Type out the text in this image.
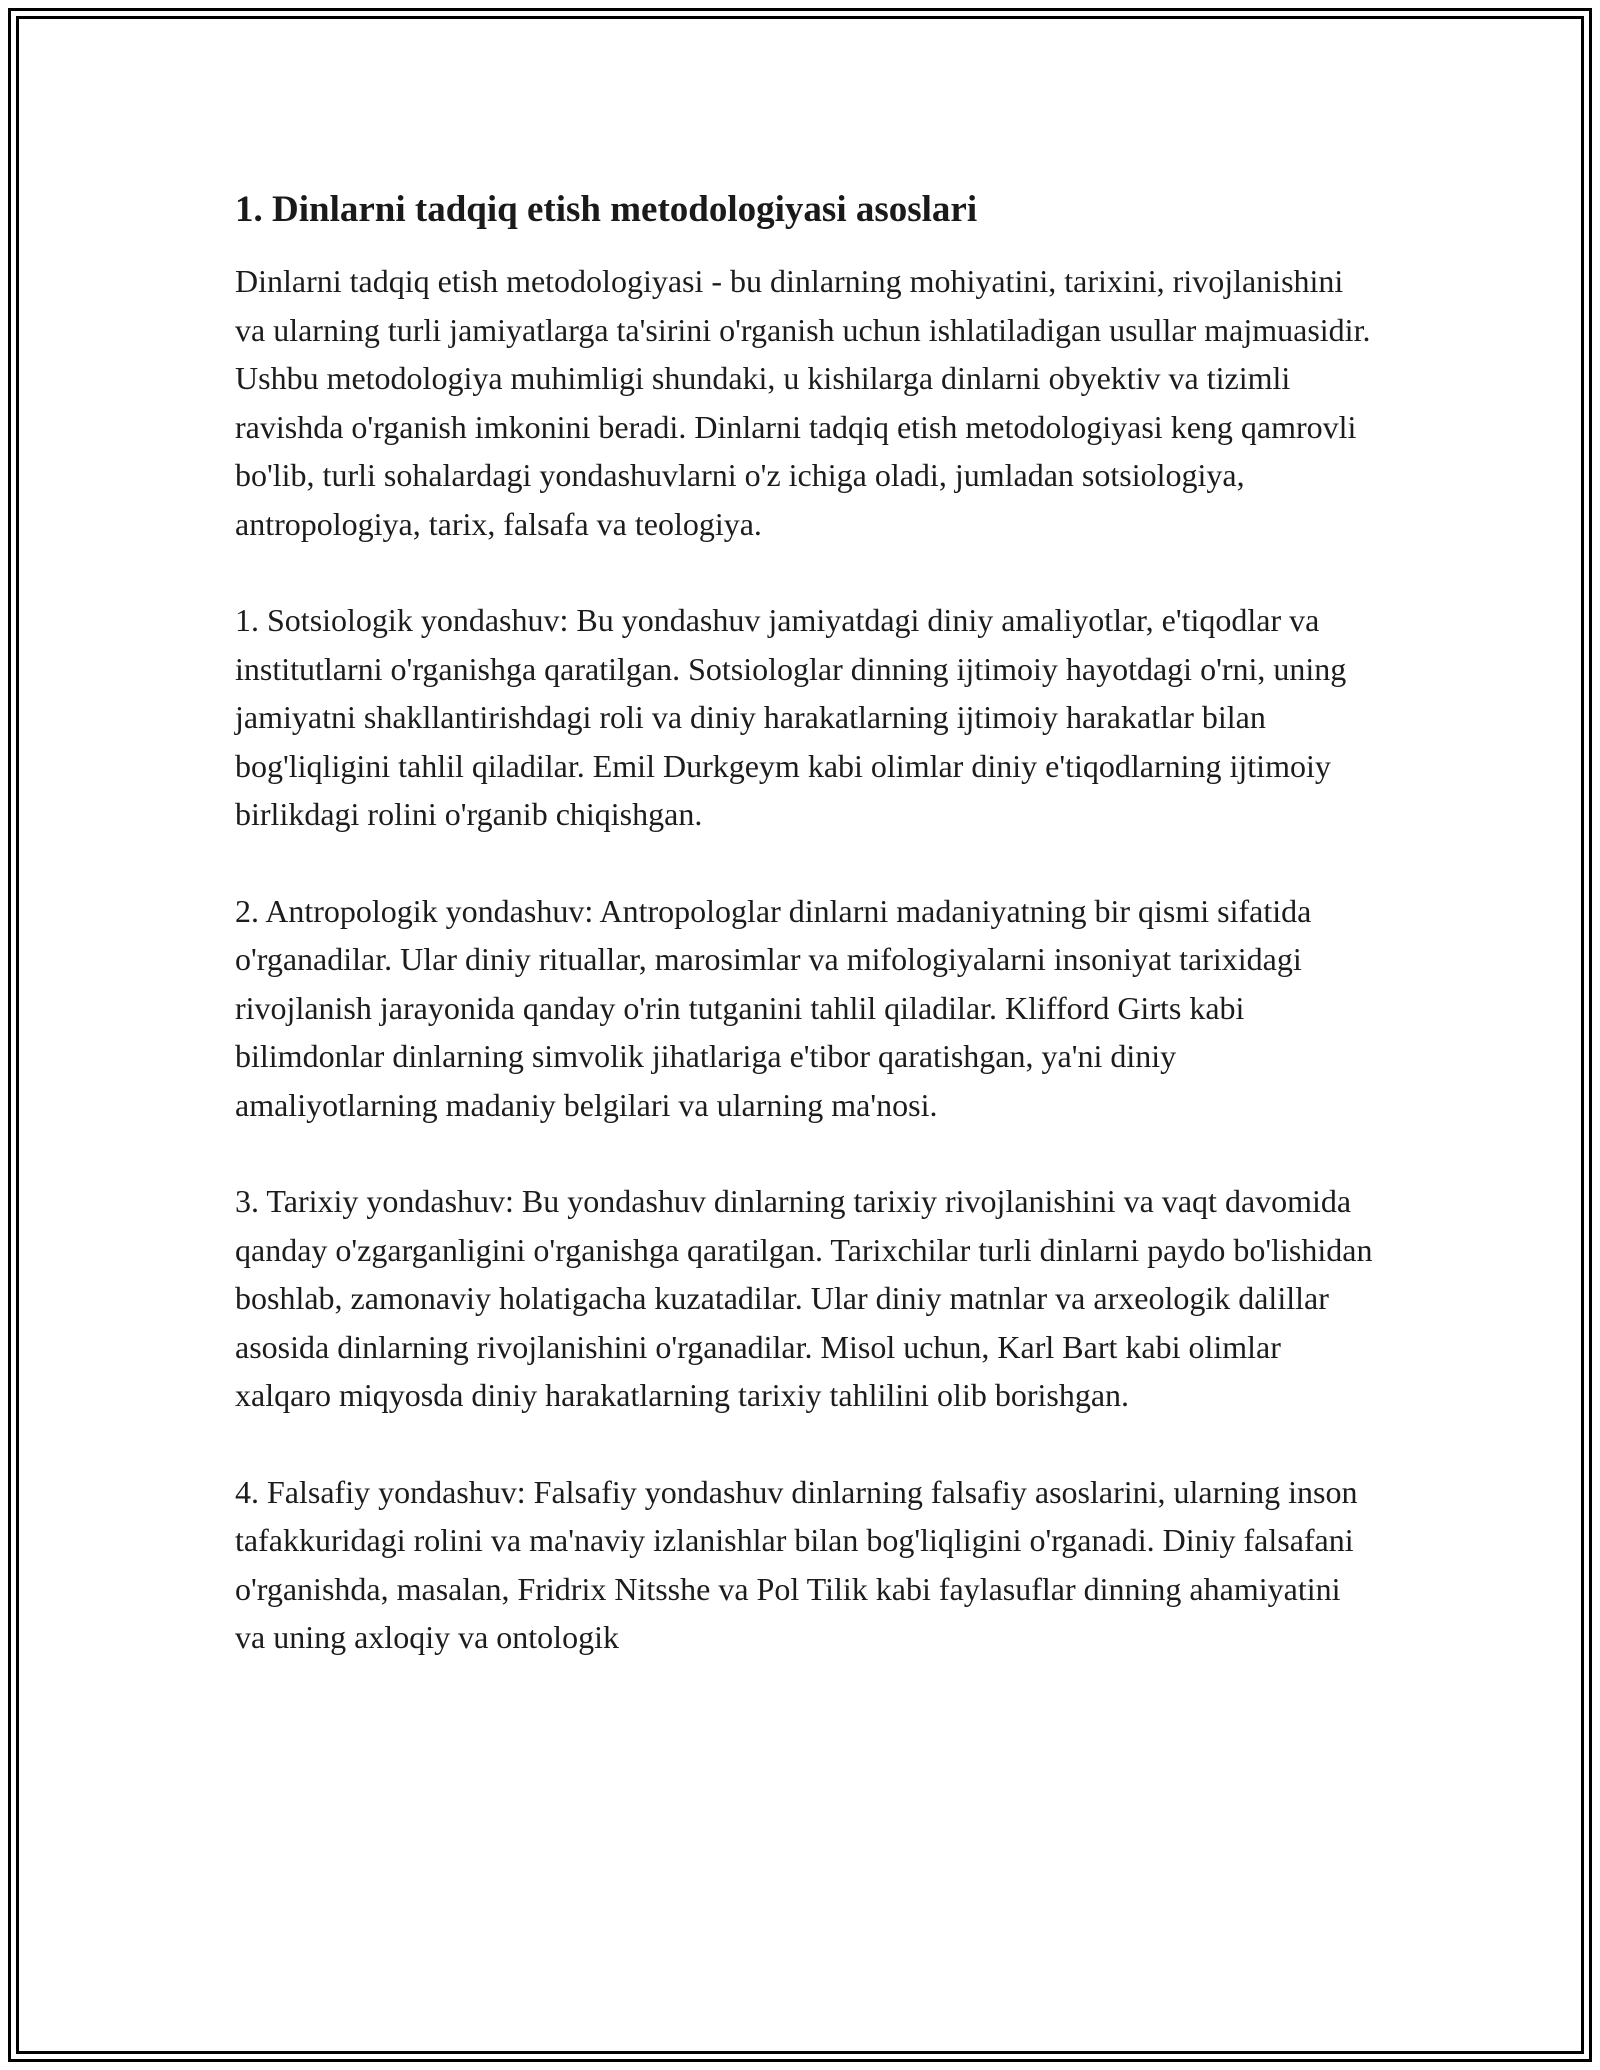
1. Dinlarni tadqiq etish metodologiyasi asoslari

Dinlarni tadqiq etish metodologiyasi - bu dinlarning mohiyatini, tarixini, rivojlanishini va ularning turli jamiyatlarga ta'sirini o'rganish uchun ishlatiladigan usullar majmuasidir. Ushbu metodologiya muhimligi shundaki, u kishilarga dinlarni obyektiv va tizimli ravishda o'rganish imkonini beradi. Dinlarni tadqiq etish metodologiyasi keng qamrovli bo'lib, turli sohalardagi yondashuvlarni o'z ichiga oladi, jumladan sotsiologiya, antropologiya, tarix, falsafa va teologiya.

1. Sotsiologik yondashuv: Bu yondashuv jamiyatdagi diniy amaliyotlar, e'tiqodlar va institutlarni o'rganishga qaratilgan. Sotsiologlar dinning ijtimoiy hayotdagi o'rni, uning jamiyatni shakllantirishdagi roli va diniy harakatlarning ijtimoiy harakatlar bilan bog'liqligini tahlil qiladilar. Emil Durkgeym kabi olimlar diniy e'tiqodlarning ijtimoiy birlikdagi rolini o'rganib chiqishgan.

2. Antropologik yondashuv: Antropologlar dinlarni madaniyatning bir qismi sifatida o'rganadilar. Ular diniy rituallar, marosimlar va mifologiyalarni insoniyat tarixidagi rivojlanish jarayonida qanday o'rin tutganini tahlil qiladilar. Klifford Girts kabi bilimdonlar dinlarning simvolik jihatlariga e'tibor qaratishgan, ya'ni diniy amaliyotlarning madaniy belgilari va ularning ma'nosi.

3. Tarixiy yondashuv: Bu yondashuv dinlarning tarixiy rivojlanishini va vaqt davomida qanday o'zgarganligini o'rganishga qaratilgan. Tarixchilar turli dinlarni paydo bo'lishidan boshlab, zamonaviy holatigacha kuzatadilar. Ular diniy matnlar va arxeologik dalillar asosida dinlarning rivojlanishini o'rganadilar. Misol uchun, Karl Bart kabi olimlar xalqaro miqyosda diniy harakatlarning tarixiy tahlilini olib borishgan.

4. Falsafiy yondashuv: Falsafiy yondashuv dinlarning falsafiy asoslarini, ularning inson tafakkuridagi rolini va ma'naviy izlanishlar bilan bog'liqligini o'rganadi. Diniy falsafani o'rganishda, masalan, Fridrix Nitsshe va Pol Tilik kabi faylasuflar dinning ahamiyatini va uning axloqiy va ontologik
